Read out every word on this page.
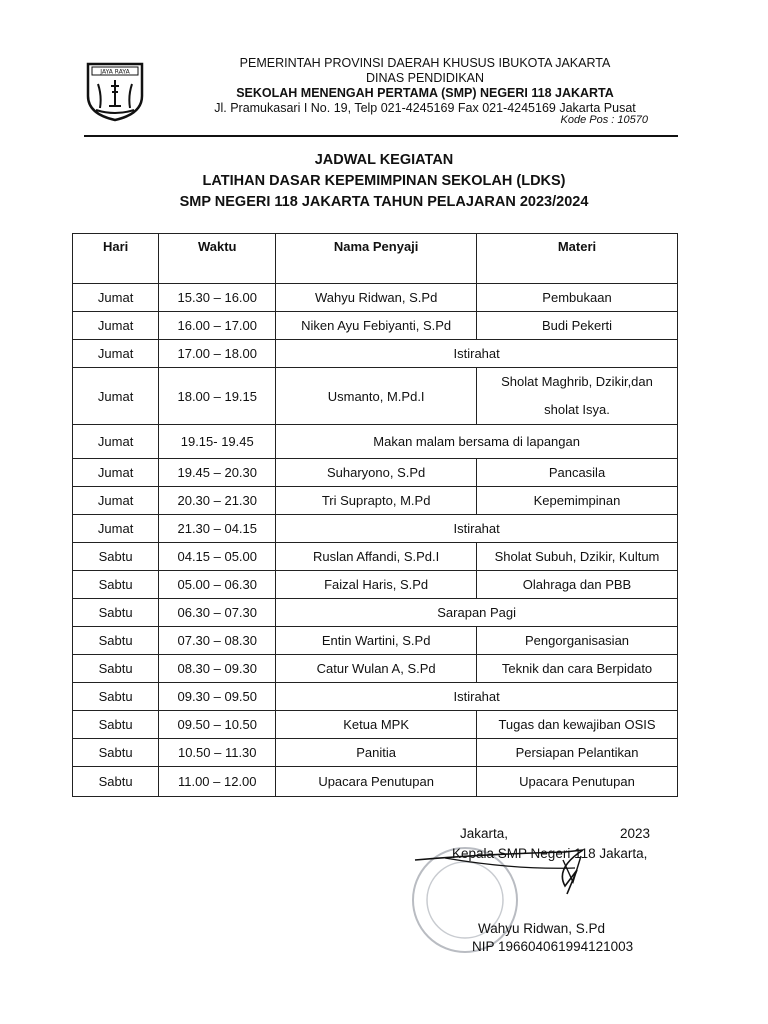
JAYA RAYA
PEMERINTAH PROVINSI DAERAH KHUSUS IBUKOTA JAKARTA
DINAS PENDIDIKAN
SEKOLAH MENENGAH PERTAMA (SMP) NEGERI 118 JAKARTA
Jl. Pramukasari I No. 19, Telp 021-4245169 Fax 021-4245169 Jakarta Pusat
Kode Pos : 10570
JADWAL KEGIATAN
LATIHAN DASAR KEPEMIMPINAN SEKOLAH (LDKS)
SMP NEGERI 118 JAKARTA TAHUN PELAJARAN 2023/2024
Hari	Waktu	Nama Penyaji	Materi
Jumat	15.30 – 16.00	Wahyu Ridwan, S.Pd	Pembukaan
Jumat	16.00 – 17.00	Niken Ayu Febiyanti, S.Pd	Budi Pekerti
Jumat	17.00 – 18.00	Istirahat	
Jumat	18.00 – 19.15	Usmanto, M.Pd.I	Sholat Maghrib, Dzikir,dan
sholat Isya.

Jumat	19.15- 19.45	Makan malam bersama di lapangan	
Jumat	19.45 – 20.30	Suharyono, S.Pd	Pancasila
Jumat	20.30 – 21.30	Tri Suprapto, M.Pd	Kepemimpinan
Jumat	21.30 – 04.15	Istirahat	
Sabtu	04.15 – 05.00	Ruslan Affandi, S.Pd.I	Sholat Subuh, Dzikir, Kultum
Sabtu	05.00 – 06.30	Faizal Haris, S.Pd	Olahraga dan PBB
Sabtu	06.30 – 07.30	Sarapan Pagi	
Sabtu	07.30 – 08.30	Entin Wartini, S.Pd	Pengorganisasian
Sabtu	08.30 – 09.30	Catur Wulan A, S.Pd	Teknik dan cara Berpidato
Sabtu	09.30 – 09.50	Istirahat	
Sabtu	09.50 – 10.50	Ketua MPK	Tugas dan kewajiban OSIS
Sabtu	10.50 – 11.30	Panitia	Persiapan Pelantikan
Sabtu	11.00 – 12.00	Upacara Penutupan	Upacara Penutupan
Jakarta,	2023
Kepala SMP Negeri 118 Jakarta,
Wahyu Ridwan, S.Pd
NIP 196604061994121003
